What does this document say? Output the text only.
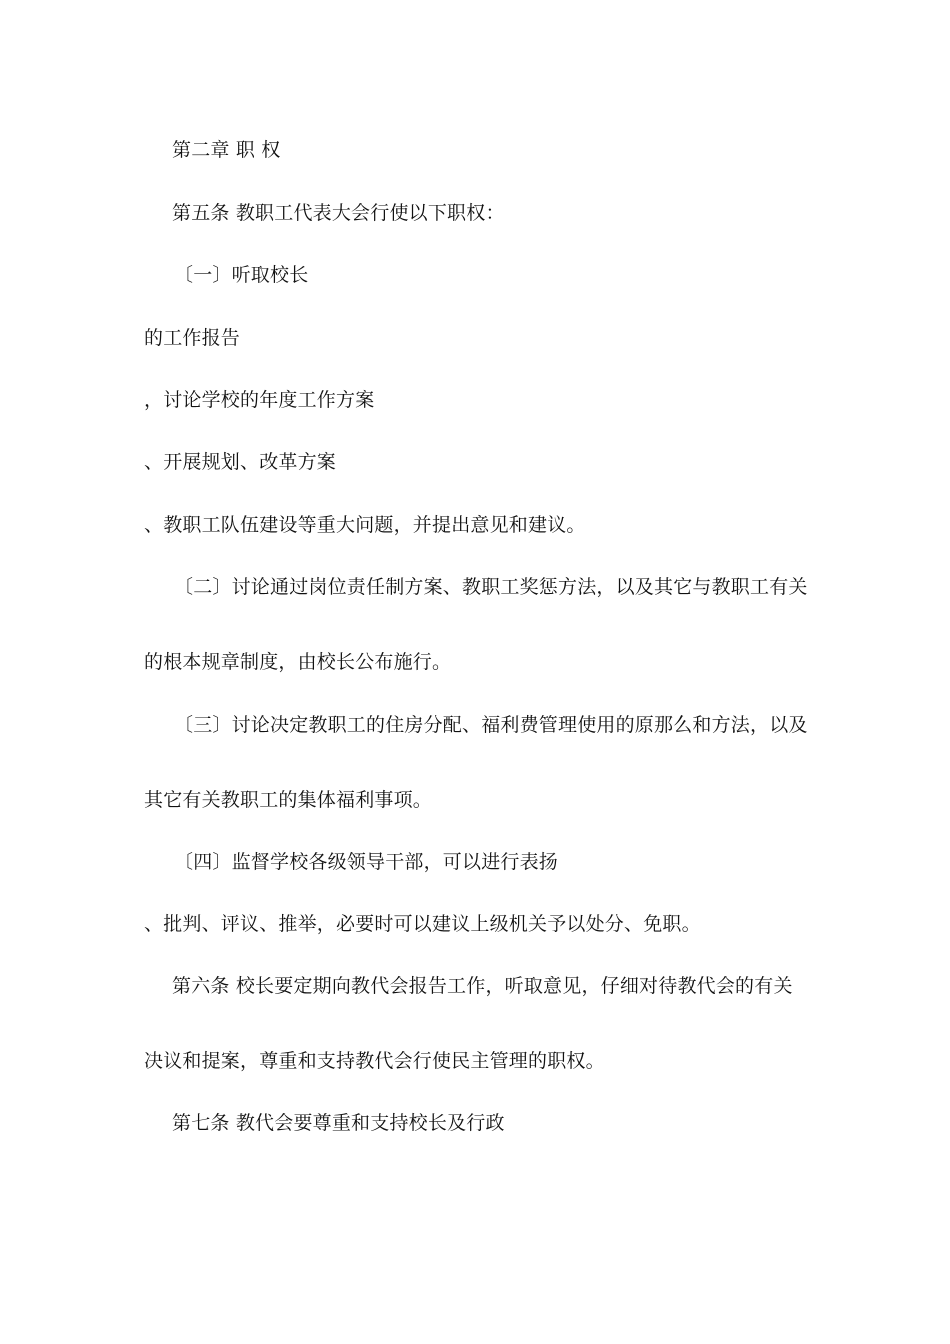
第二章 职 权
第五条 教职工代表大会行使以下职权：
〔一〕听取校长
的工作报告
，讨论学校的年度工作方案
、开展规划、改革方案
、教职工队伍建设等重大问题，并提出意见和建议。
〔二〕讨论通过岗位责任制方案、教职工奖惩方法，以及其它与教职工有关
的根本规章制度，由校长公布施行。
〔三〕讨论决定教职工的住房分配、福利费管理使用的原那么和方法，以及
其它有关教职工的集体福利事项。
〔四〕监督学校各级领导干部，可以进行表扬
、批判、评议、推举，必要时可以建议上级机关予以处分、免职。
第六条 校长要定期向教代会报告工作，听取意见，仔细对待教代会的有关
决议和提案，尊重和支持教代会行使民主管理的职权。
第七条 教代会要尊重和支持校长及行政
